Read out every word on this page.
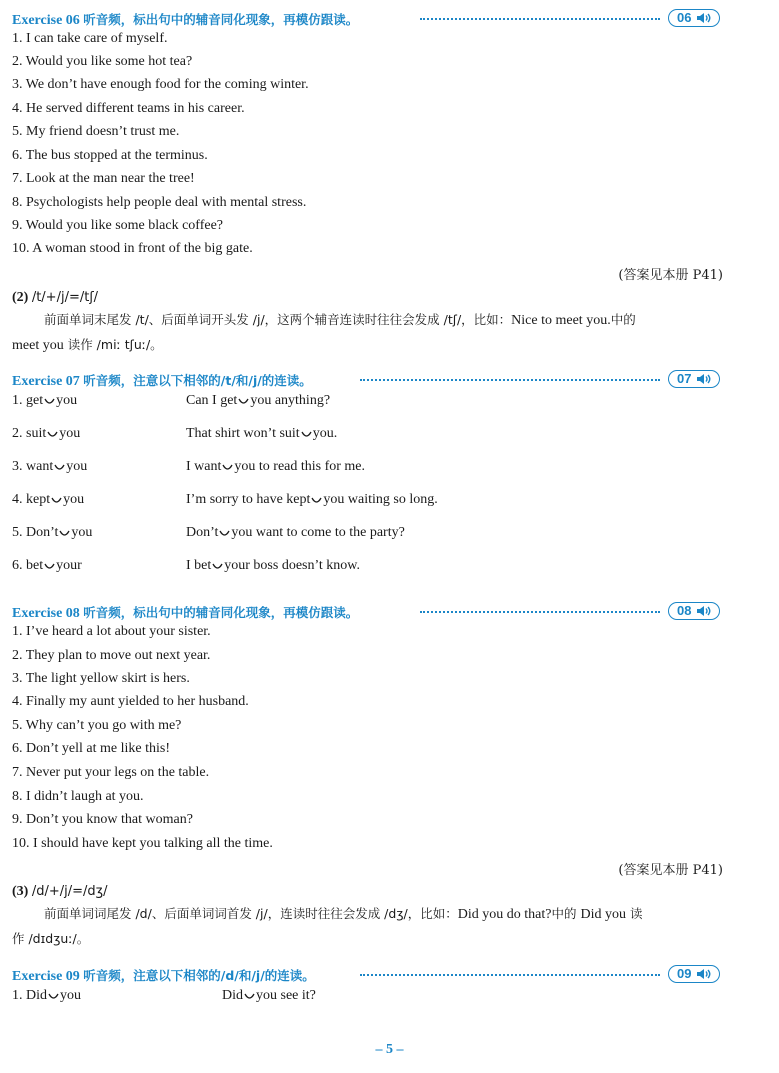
Exercise 06 听音频，标出句中的辅音同化现象，再模仿跟读。	06
1. I can take care of myself.
2. Would you like some hot tea?
3. We don’t have enough food for the coming winter.
4. He served different teams in his career.
5. My friend doesn’t trust me.
6. The bus stopped at the terminus.
7. Look at the man near the tree!
8. Psychologists help people deal with mental stress.
9. Would you like some black coffee?
10. A woman stood in front of the big gate.
(答案见本册 P41)
(2) /t/+/j/=/tʃ/
前面单词末尾发 /t/、后面单词开头发 /j/，这两个辅音连读时往往会发成 /tʃ/，比如：Nice to meet you.中的
meet you 读作 /miː tʃuː/。
Exercise 07 听音频，注意以下相邻的/t/和/j/的连读。	07
1. get you	Can I get you anything?
2. suit you	That shirt won’t suit you.
3. want you	I want you to read this for me.
4. kept you	I’m sorry to have kept you waiting so long.
5. Don’t you	Don’t you want to come to the party?
6. bet your	I bet your boss doesn’t know.
Exercise 08 听音频，标出句中的辅音同化现象，再模仿跟读。	08
1. I’ve heard a lot about your sister.
2. They plan to move out next year.
3. The light yellow skirt is hers.
4. Finally my aunt yielded to her husband.
5. Why can’t you go with me?
6. Don’t yell at me like this!
7. Never put your legs on the table.
8. I didn’t laugh at you.
9. Don’t you know that woman?
10. I should have kept you talking all the time.
(答案见本册 P41)
(3) /d/+/j/=/dʒ/
前面单词词尾发 /d/、后面单词词首发 /j/，连读时往往会发成 /dʒ/，比如：Did you do that?中的 Did you 读
作 /dɪdʒuː/。
Exercise 09 听音频，注意以下相邻的/d/和/j/的连读。	09
1. Did you	Did you see it?
– 5 –
